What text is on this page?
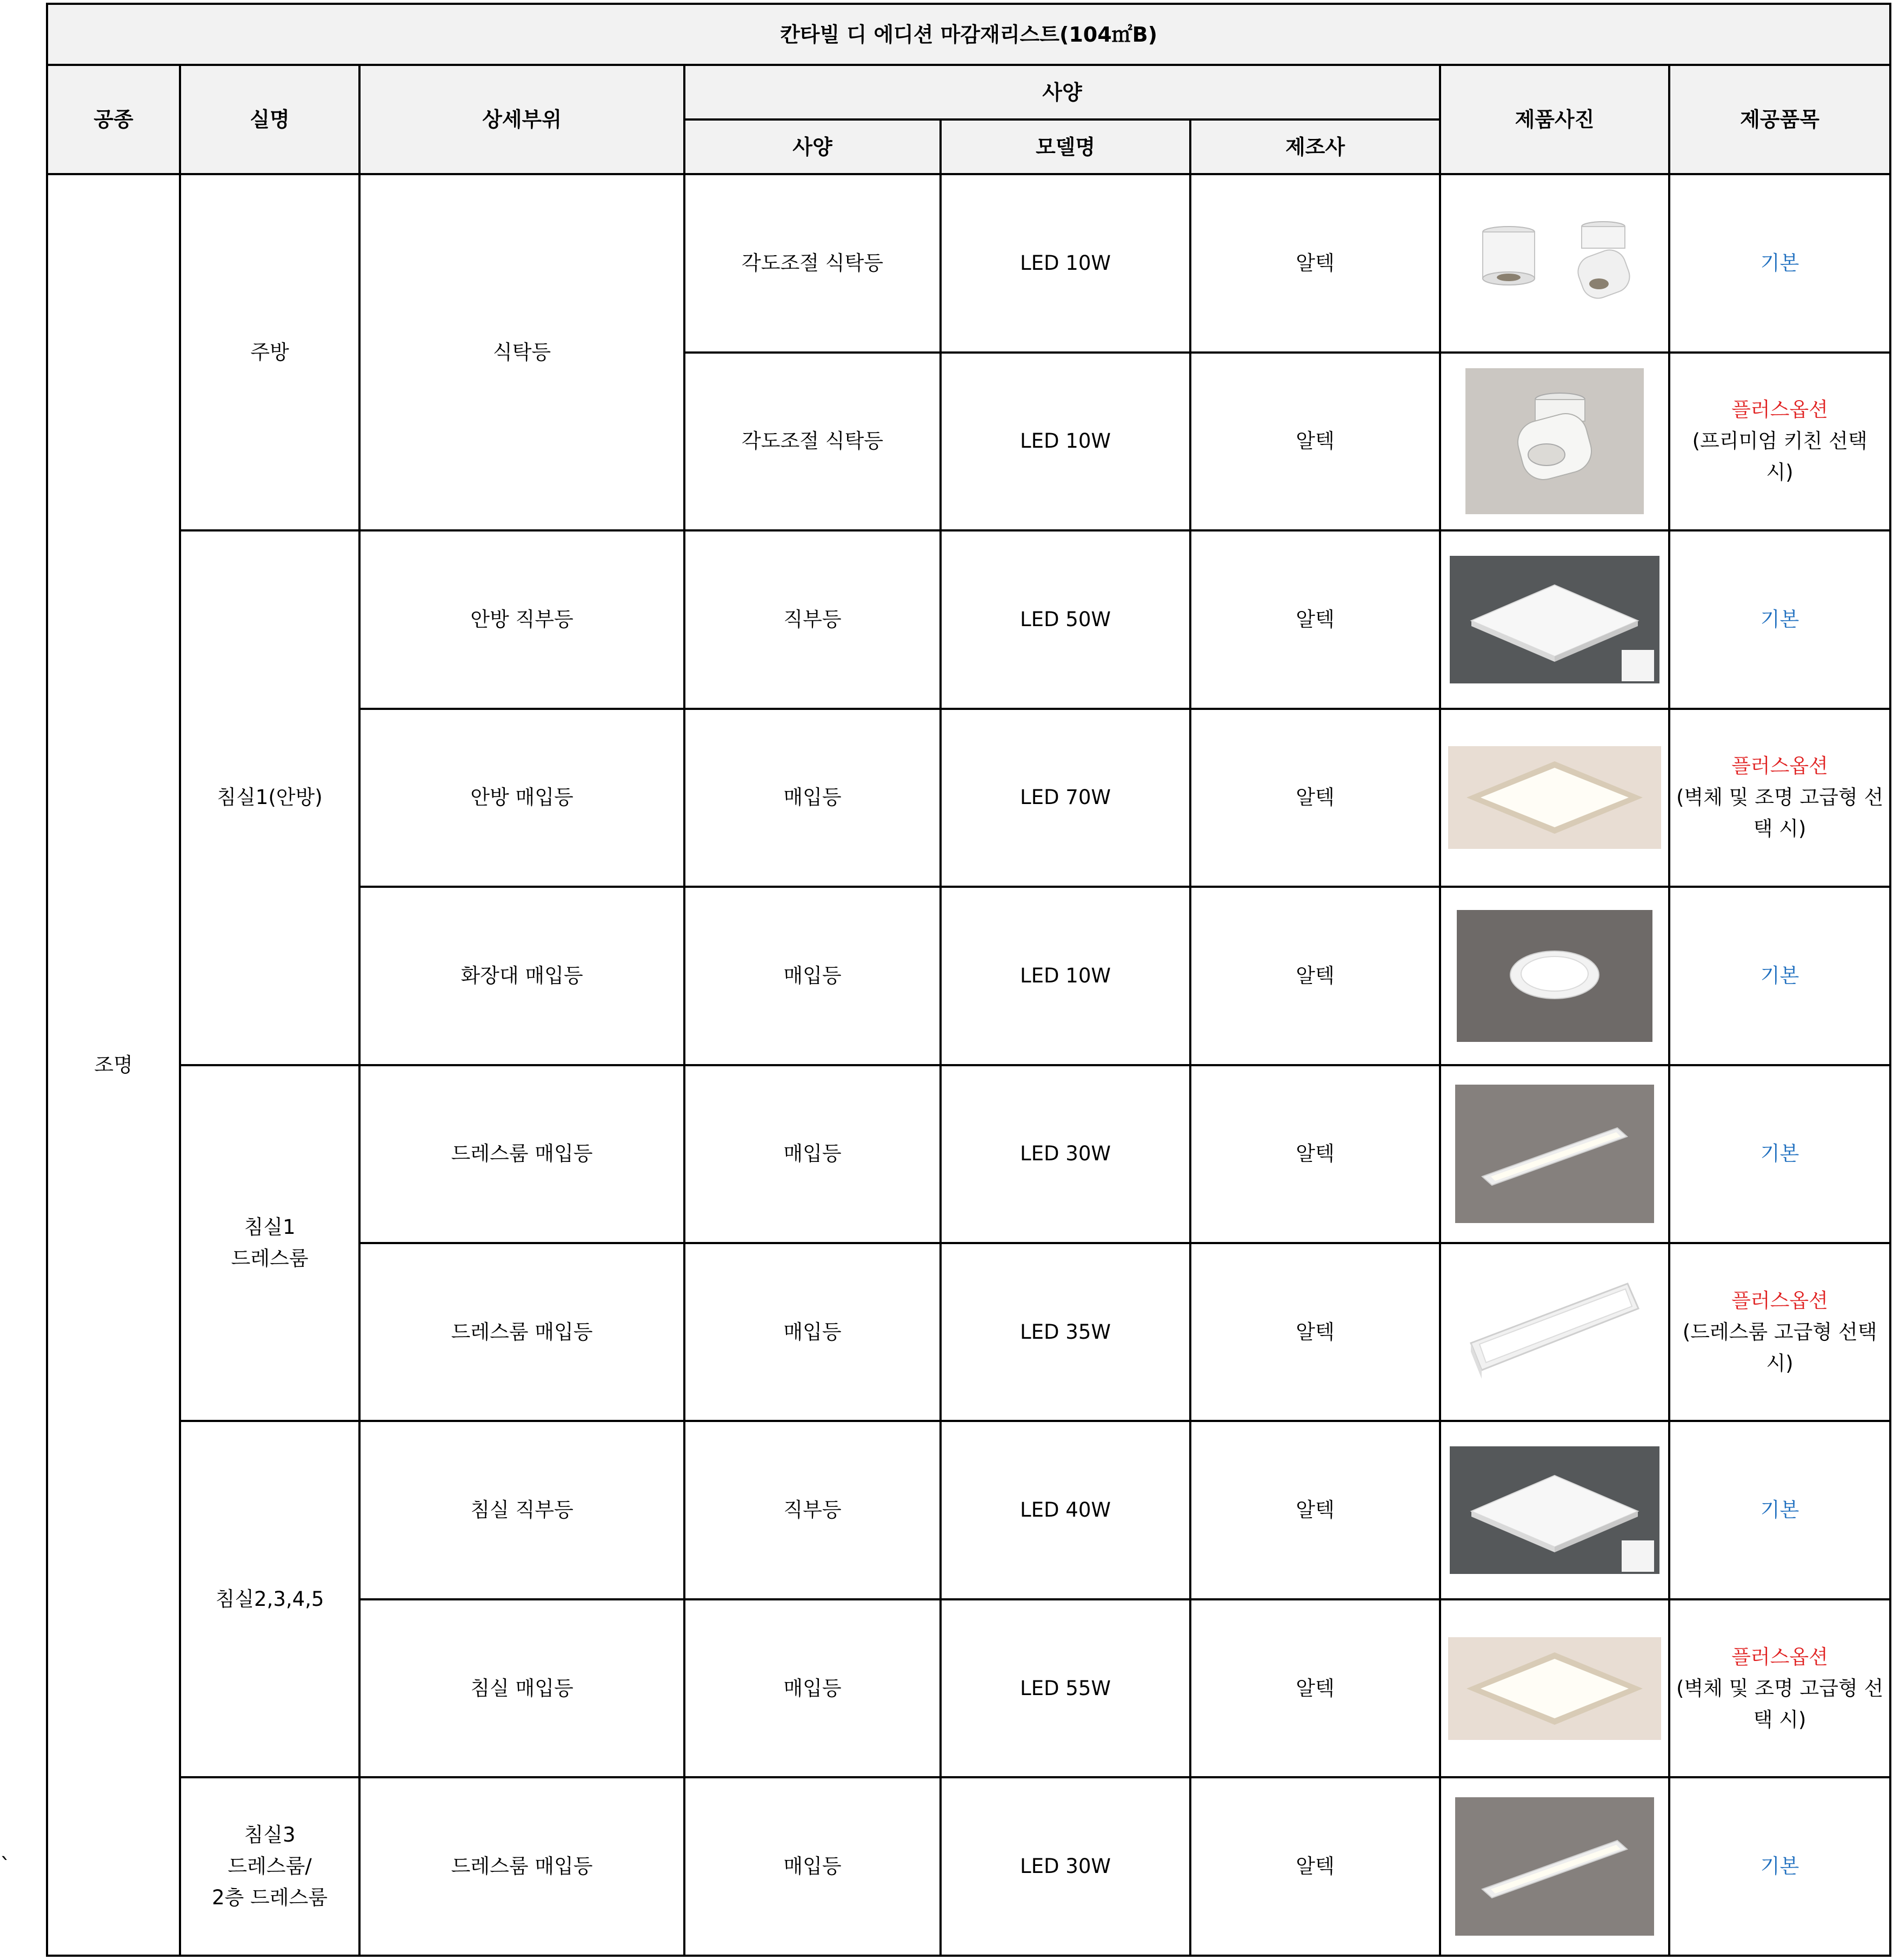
`
칸타빌 디 에디션 마감재리스트(104㎡B)							
공종	실명	상세부위	사양			제품사진	제공품목
			사양	모델명	제조사		
조명	주방	식탁등	각도조절 식탁등	LED 10W	알텍		기본
			각도조절 식탁등	LED 10W	알텍		플러스옵션
(프리미엄 키친 선택 시)

	침실1(안방)	안방 직부등	직부등	LED 50W	알텍		기본
		안방 매입등	매입등	LED 70W	알텍		플러스옵션
(벽체 및 조명 고급형 선택 시)

		화장대 매입등	매입등	LED 10W	알텍		기본

	침실1
드레스룸	드레스룸 매입등	매입등	LED 30W	알텍		기본
		드레스룸 매입등	매입등	LED 35W	알텍		플러스옵션
(드레스룸 고급형 선택 시)

	침실2,3,4,5	침실 직부등	직부등	LED 40W	알텍		기본
		침실 매입등	매입등	LED 55W	알텍		플러스옵션
(벽체 및 조명 고급형 선택 시)

	침실3
드레스룸/
2층 드레스룸	드레스룸 매입등	매입등	LED 30W	알텍		기본
